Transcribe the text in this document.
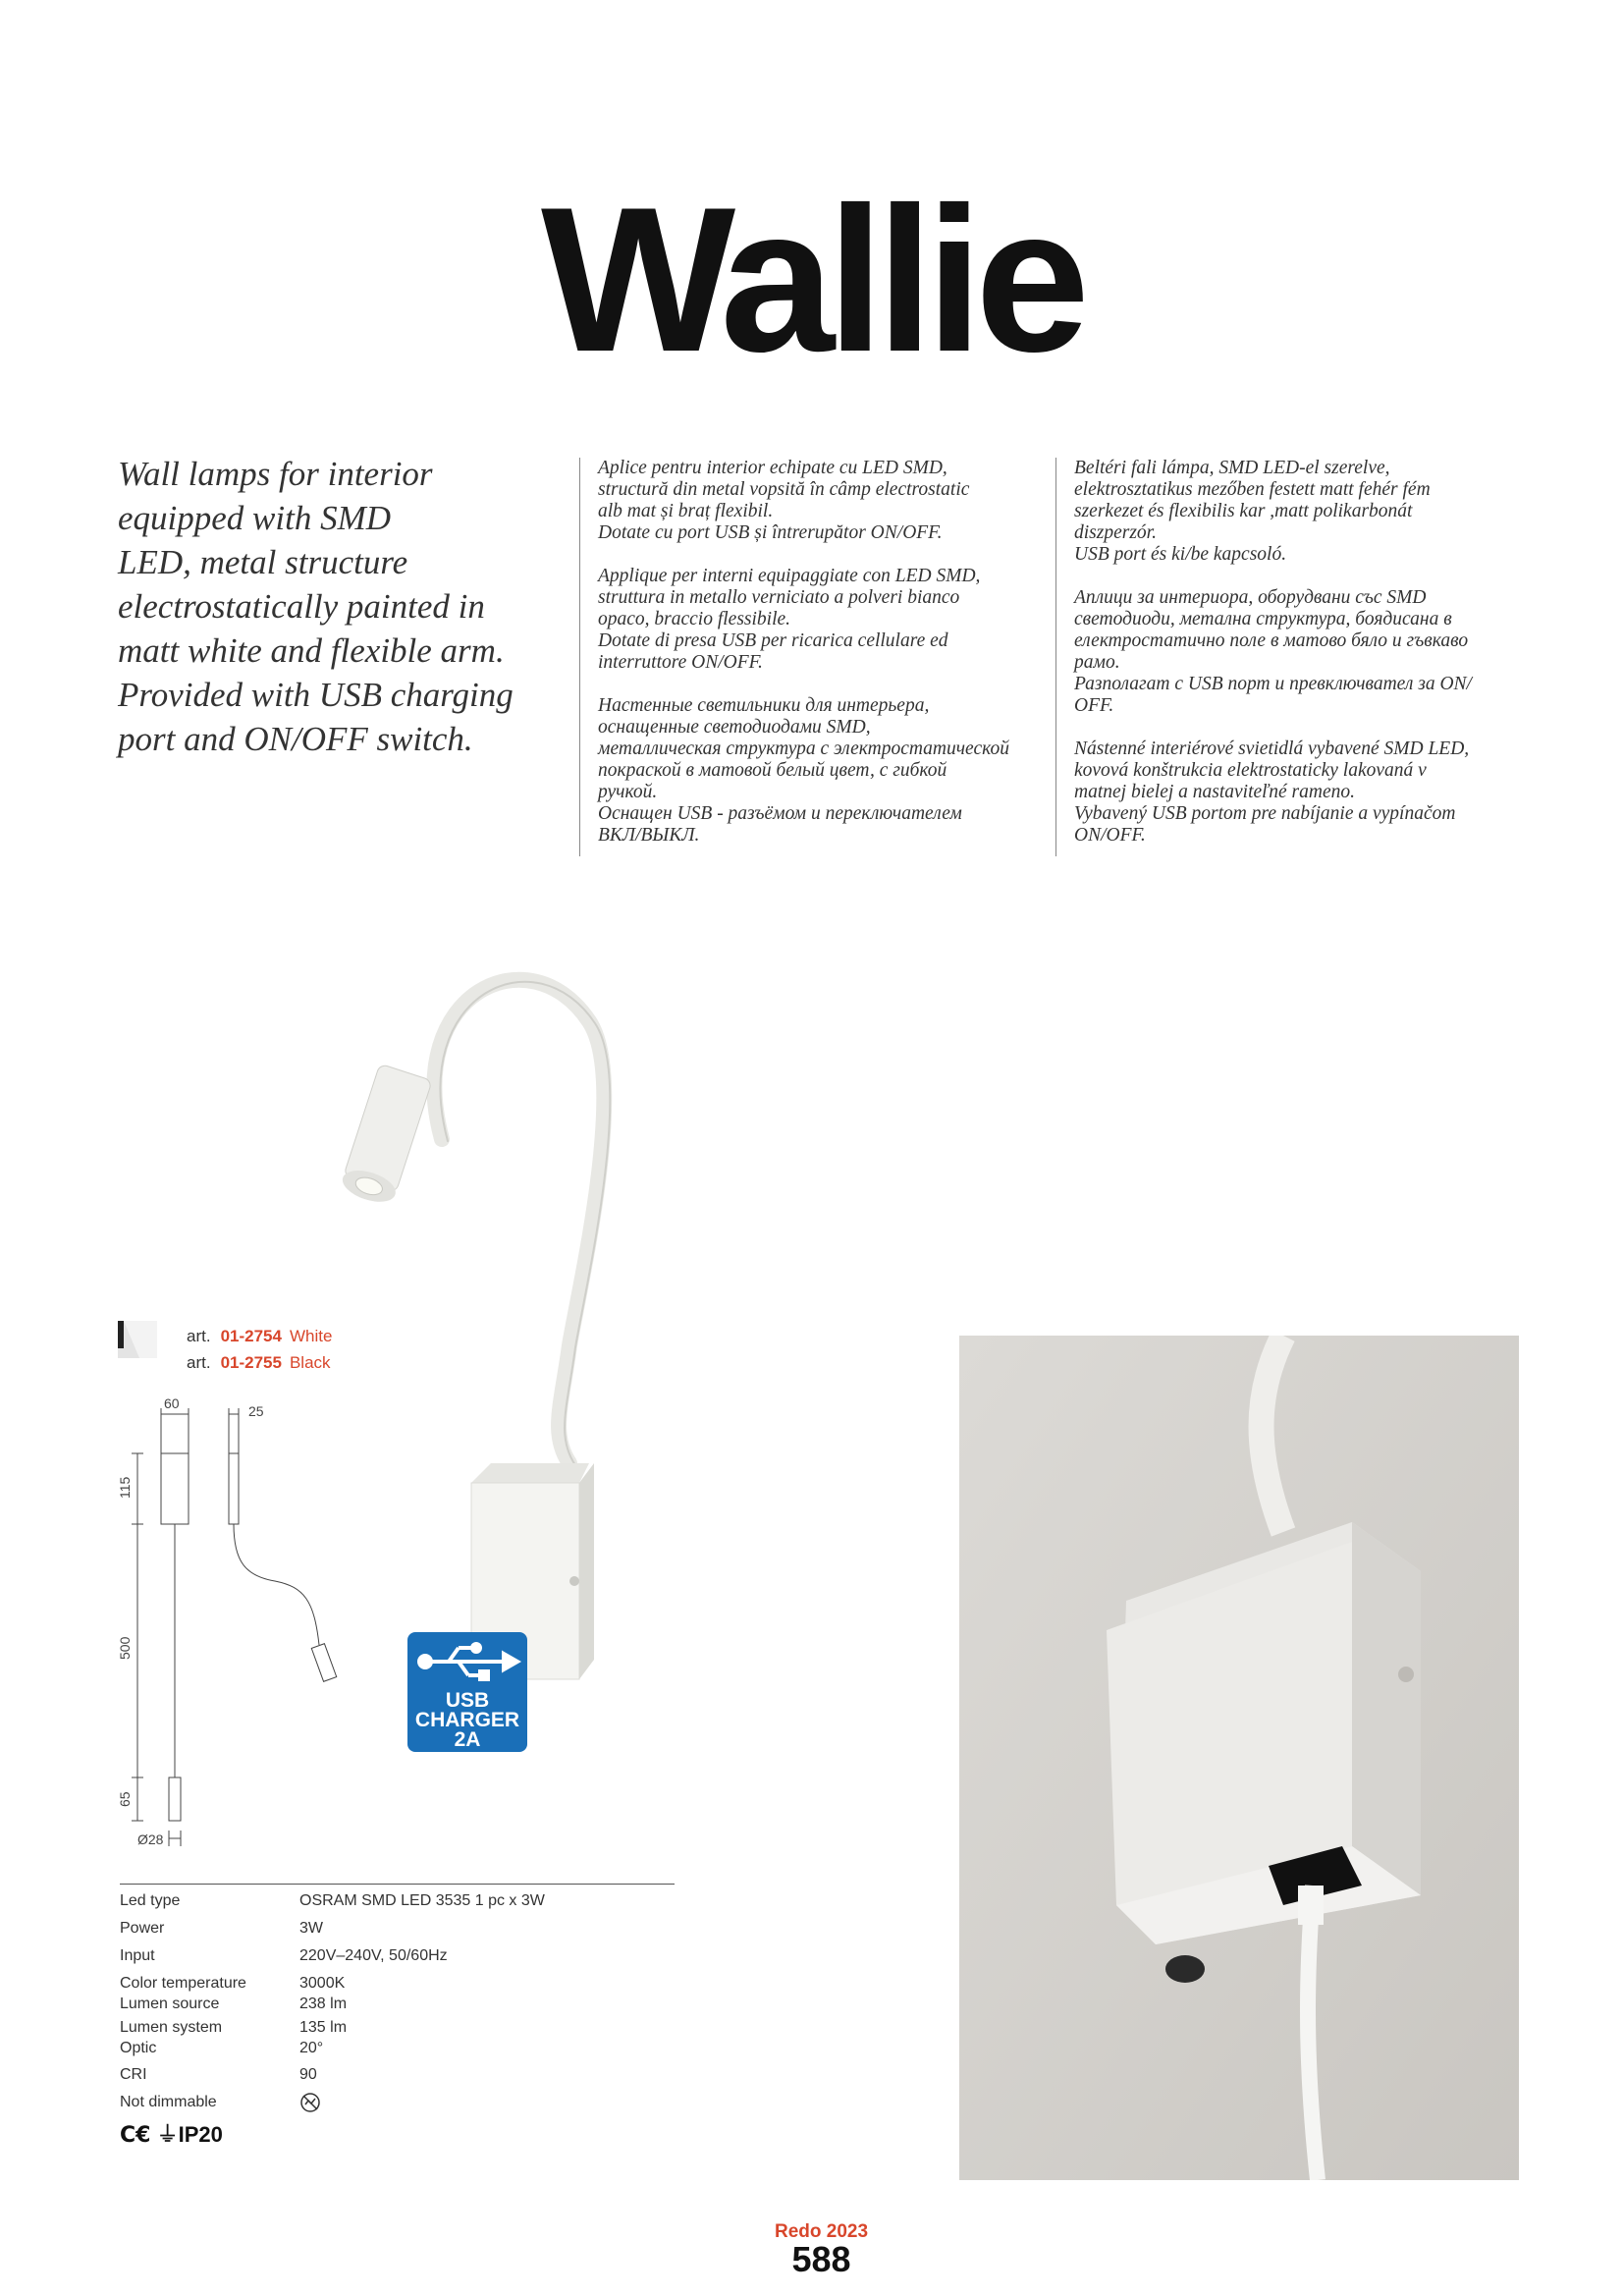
Wallie
Wall lamps for interior
equipped with SMD
LED, metal structure
electrostatically painted in
matt white and flexible arm.
Provided with USB charging
port and ON/OFF switch.
Aplice pentru interior echipate cu LED SMD,
structură din metal vopsită în câmp electrostatic
alb mat și braț flexibil.
Dotate cu port USB și întrerupător ON/OFF.
Applique per interni equipaggiate con LED SMD,
struttura in metallo verniciato a polveri bianco
opaco, braccio flessibile.
Dotate di presa USB per ricarica cellulare ed
interruttore ON/OFF.
Настенные светильники для интерьера,
оснащенные светодиодами SMD,
металлическая структура с электростатической
покраской в матовой белый цвет, с гибкой
ручкой.
Оснащен USB - разъёмом и переключателем
ВКЛ/ВЫКЛ.
Beltéri fali lámpa, SMD LED-el szerelve,
elektrosztatikus mezőben festett matt fehér fém
szerkezet és flexibilis kar ,matt polikarbonát
diszperzór.
USB port és ki/be kapcsoló.
Аплици за интериора, оборудвани със SMD
светодиоди, метална структура, боядисана в
електростатично поле в матово бяло и гъвкаво
рамо.
Разполагат с USB порт и превключвател за ON/
OFF.
Nástenné interiérové svietidlá vybavené SMD LED,
kovová konštrukcia elektrostaticky lakovaná v
matnej bielej a nastaviteľné rameno.
Vybavený USB portom pre nabíjanie a vypínačom
ON/OFF.
art. 01-2754 White
art. 01-2755 Black
60	25
115
500
65
Ø28
USB
CHARGER
2A
Led type	OSRAM SMD LED 3535 1 pc x 3W
Power	3W
Input	220V–240V, 50/60Hz
Color temperature	3000K
Lumen source	238 lm
Lumen system	135 lm
Optic	20°
CRI	90
Not dimmable
C€ ⏚IP20
Redo 2023
588
